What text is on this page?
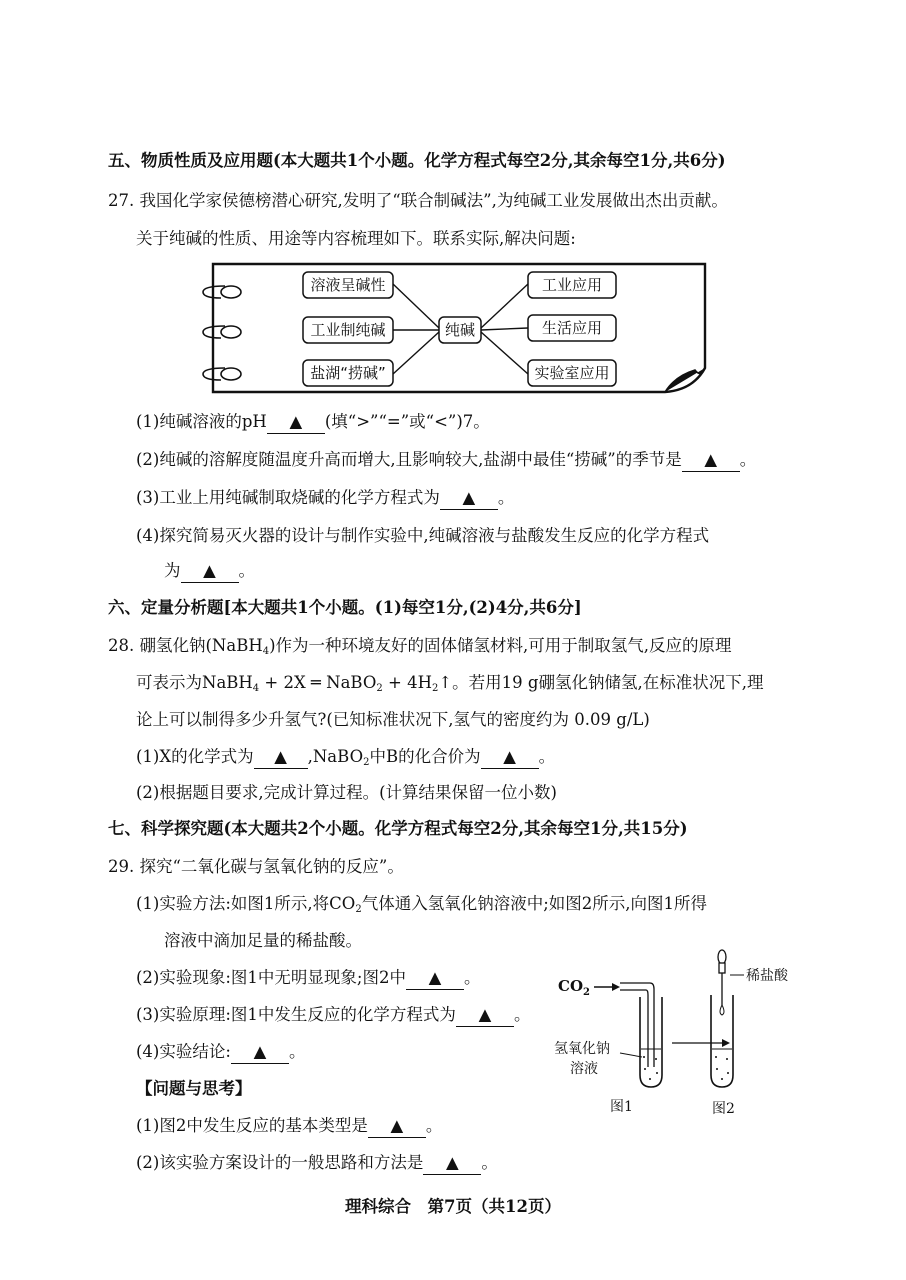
五、物质性质及应用题(本大题共1个小题。化学方程式每空2分,其余每空1分,共6分)
27. 我国化学家侯德榜潜心研究,发明了“联合制碱法”,为纯碱工业发展做出杰出贡献。
关于纯碱的性质、用途等内容梳理如下。联系实际,解决问题:
溶液呈碱性
工业制纯碱
盐湖“捞碱”
纯碱
工业应用
生活应用
实验室应用
(1)纯碱溶液的pH ▲ (填“>”“=”或“<”)7。
(2)纯碱的溶解度随温度升高而增大,且影响较大,盐湖中最佳“捞碱”的季节是 ▲ 。
(3)工业上用纯碱制取烧碱的化学方程式为 ▲ 。
(4)探究简易灭火器的设计与制作实验中,纯碱溶液与盐酸发生反应的化学方程式
为 ▲ 。
六、定量分析题[本大题共1个小题。(1)每空1分,(2)4分,共6分]
28. 硼氢化钠(NaBH$_4$)作为一种环境友好的固体储氢材料,可用于制取氢气,反应的原理
可表示为NaBH$_4$ + 2X ═ NaBO$_2$ + $4H_2↑$。若用19 g硼氢化钠储氢,在标准状况下,理
论上可以制得多少升氢气?(已知标准状况下,氢气的密度约为 0.09 g/L)
(1)X的化学式为 ▲ ,NaBO$_2$中B的化合价为 ▲ 。
(2)根据题目要求,完成计算过程。(计算结果保留一位小数)
七、科学探究题(本大题共2个小题。化学方程式每空2分,其余每空1分,共15分)
29. 探究“二氧化碳与氢氧化钠的反应”。
(1)实验方法:如图1所示,将$CO_2$气体通入氢氧化钠溶液中;如图2所示,向图1所得
溶液中滴加足量的稀盐酸。
(2)实验现象:图1中无明显现象;图2中 ▲ 。
(3)实验原理:图1中发生反应的化学方程式为 ▲ 。
(4)实验结论: ▲ 。
【问题与思考】
(1)图2中发生反应的基本类型是 ▲ 。
(2)该实验方案设计的一般思路和方法是 ▲ 。
$CO_2$
氢氧化钠
溶液
稀盐酸
图1	图2
理科综合　第7页（共12页）
